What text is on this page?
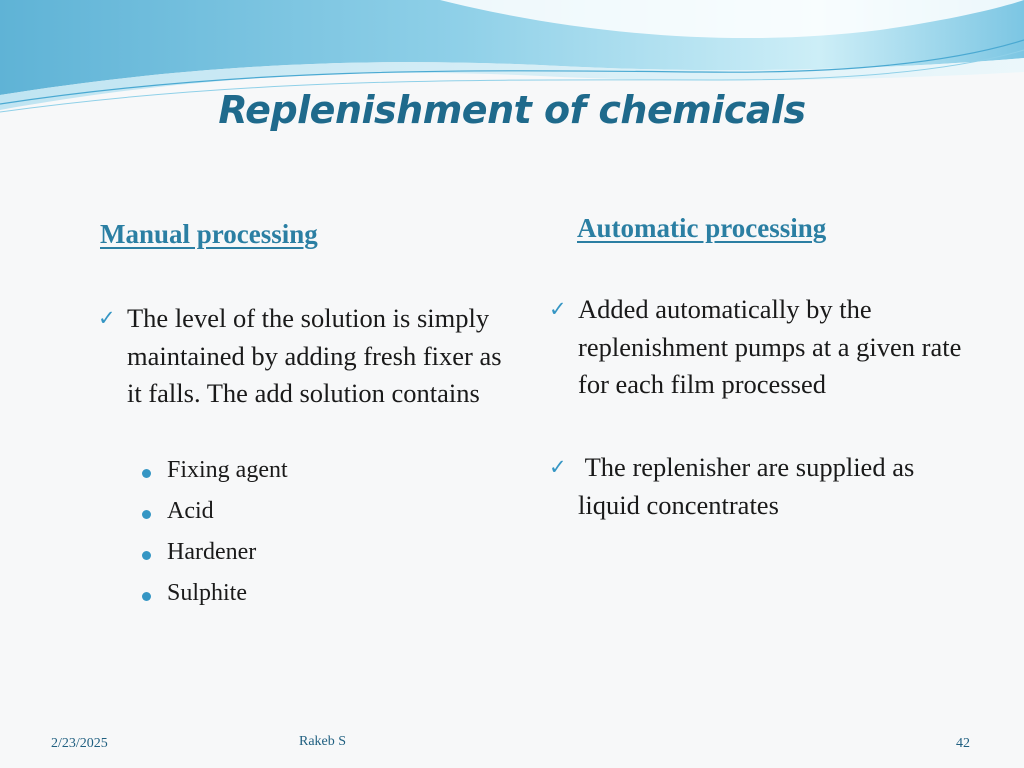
Replenishment of chemicals
Manual processing
✓ The level of the solution is simply maintained by adding fresh fixer as it falls. The add solution contains
Fixing agent
Acid
Hardener
Sulphite
Automatic processing
✓ Added automatically by the replenishment pumps at a given rate for each film processed
✓ The replenisher are supplied as liquid concentrates
2/23/2025	Rakeb S	42
